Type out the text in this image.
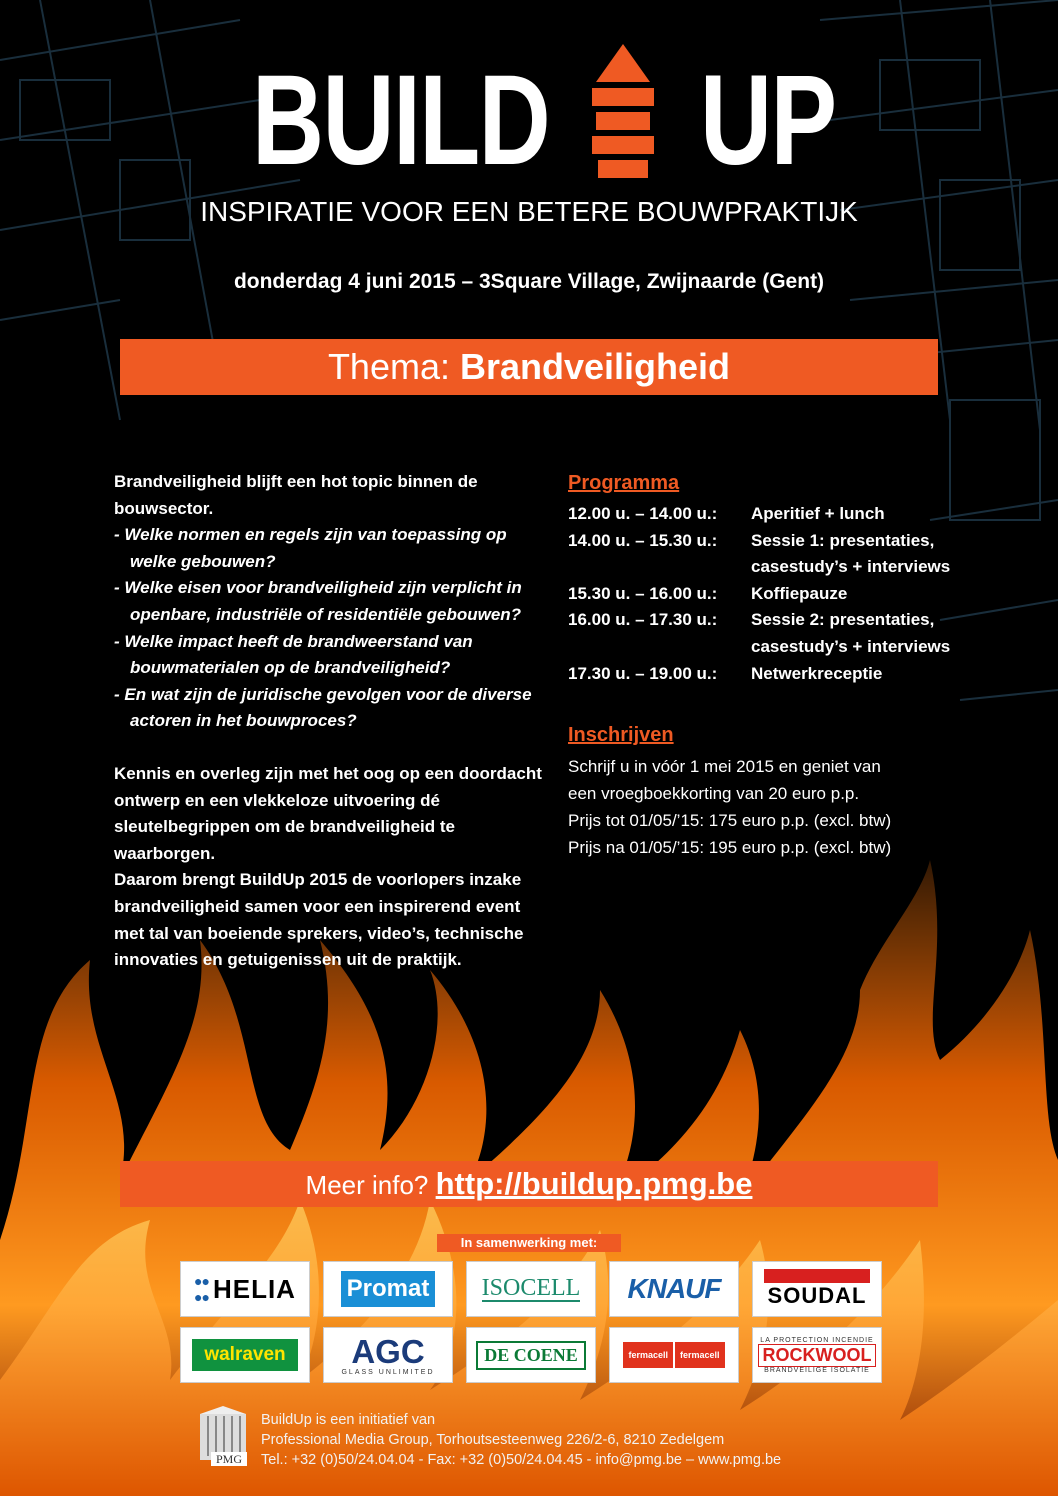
BUILD UP
INSPIRATIE VOOR EEN BETERE BOUWPRAKTIJK
donderdag 4 juni 2015 – 3Square Village, Zwijnaarde (Gent)
Thema: Brandveiligheid

Brandveiligheid blijft een hot topic binnen de bouwsector.

- Welke normen en regels zijn van toepassing op welke gebouwen?
- Welke eisen voor brandveiligheid zijn verplicht in openbare, industriële of residentiële gebouwen?
- Welke impact heeft de brandweerstand van bouwmaterialen op de brandveiligheid?
- En wat zijn de juridische gevolgen voor de diverse actoren in het bouwproces?

Kennis en overleg zijn met het oog op een doordacht ontwerp en een vlekkeloze uitvoering dé sleutelbegrippen om de brandveiligheid te waarborgen.

Daarom brengt BuildUp 2015 de voorlopers inzake brandveiligheid samen voor een inspirerend event met tal van boeiende sprekers, video’s, technische innovaties en getuigenissen uit de praktijk.

Programma
12.00 u. – 14.00 u.:	Aperitief + lunch
14.00 u. – 15.30 u.:	Sessie 1: presentaties, casestudy’s + interviews
15.30 u. – 16.00 u.:	Koffiepauze
16.00 u. – 17.30 u.:	Sessie 2: presentaties, casestudy’s + interviews
17.30 u. – 19.00 u.:	Netwerkreceptie
Inschrijven

Schrijf u in vóór 1 mei 2015 en geniet van

een vroegboekkorting van 20 euro p.p.

Prijs tot 01/05/’15: 175 euro p.p. (excl. btw)

Prijs na 01/05/’15: 195 euro p.p. (excl. btw)

Meer info? http://buildup.pmg.be
In samenwerking met:
●●
●● HELIA Promat ISOCELL KNAUF SOUDAL
walraven	AGC
GLASS UNLIMITED
DE COENE	fermacell	fermacell
LA PROTECTION INCENDIE
ROCKWOOL
BRANDVEILIGE ISOLATIE
PMG

BuildUp is een initiatief van

Professional Media Group, Torhoutsesteenweg 226/2-6, 8210 Zedelgem

Tel.: +32 (0)50/24.04.04 - Fax: +32 (0)50/24.04.45 - info@pmg.be – www.pmg.be
